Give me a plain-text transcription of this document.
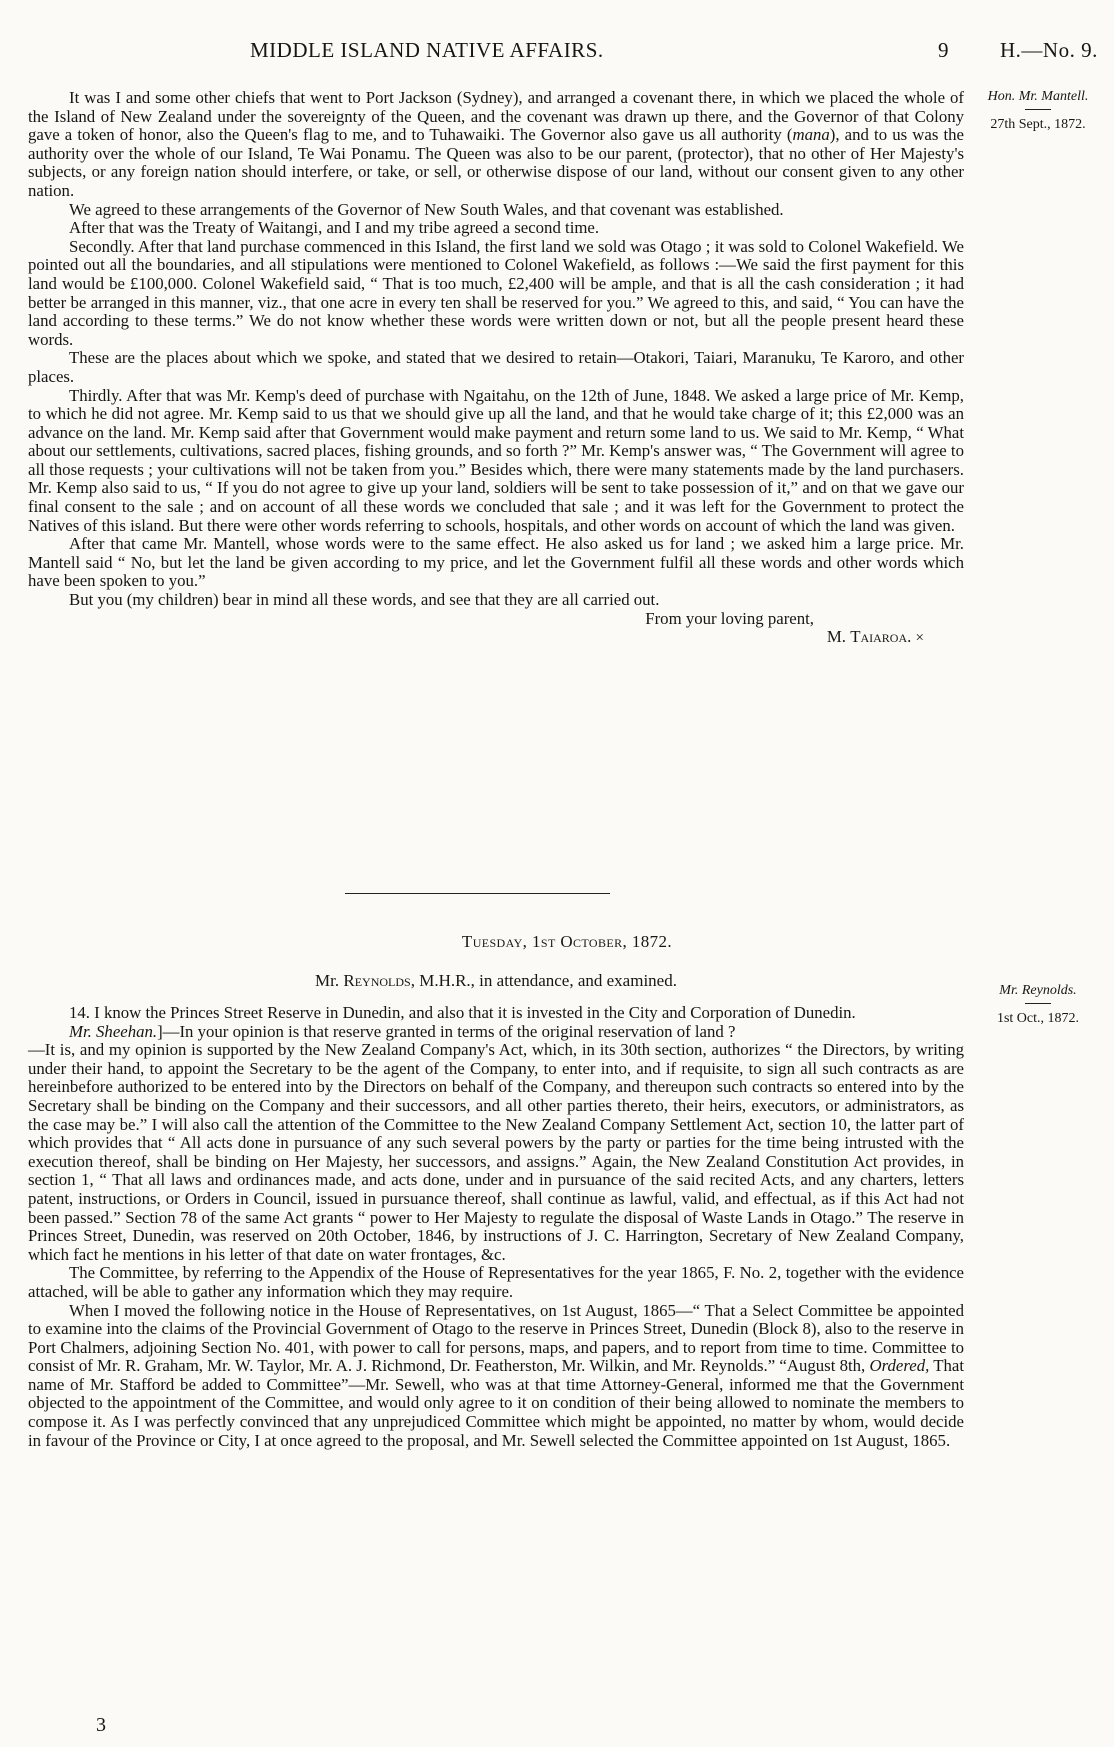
MIDDLE ISLAND NATIVE AFFAIRS.	9 H.—No. 9.
Hon. Mr. Mantell.
27th Sept., 1872.

It was I and some other chiefs that went to Port Jackson (Sydney), and arranged a covenant there, in which we placed the whole of the Island of New Zealand under the sovereignty of the Queen, and the covenant was drawn up there, and the Governor of that Colony gave a token of honor, also the Queen's flag to me, and to Tuhawaiki. The Governor also gave us all authority (mana), and to us was the authority over the whole of our Island, Te Wai Ponamu. The Queen was also to be our parent, (protector), that no other of Her Majesty's subjects, or any foreign nation should interfere, or take, or sell, or otherwise dispose of our land, without our consent given to any other nation.

We agreed to these arrangements of the Governor of New South Wales, and that covenant was established.

After that was the Treaty of Waitangi, and I and my tribe agreed a second time.

Secondly. After that land purchase commenced in this Island, the first land we sold was Otago ; it was sold to Colonel Wakefield. We pointed out all the boundaries, and all stipulations were mentioned to Colonel Wakefield, as follows :—We said the first payment for this land would be £100,000. Colonel Wakefield said, “ That is too much, £2,400 will be ample, and that is all the cash consideration ; it had better be arranged in this manner, viz., that one acre in every ten shall be reserved for you.” We agreed to this, and said, “ You can have the land according to these terms.” We do not know whether these words were written down or not, but all the people present heard these words.

These are the places about which we spoke, and stated that we desired to retain—Otakori, Taiari, Maranuku, Te Karoro, and other places.

Thirdly. After that was Mr. Kemp's deed of purchase with Ngaitahu, on the 12th of June, 1848. We asked a large price of Mr. Kemp, to which he did not agree. Mr. Kemp said to us that we should give up all the land, and that he would take charge of it; this £2,000 was an advance on the land. Mr. Kemp said after that Government would make payment and return some land to us. We said to Mr. Kemp, “ What about our settlements, cultivations, sacred places, fishing grounds, and so forth ?” Mr. Kemp's answer was, “ The Government will agree to all those requests ; your cultivations will not be taken from you.” Besides which, there were many statements made by the land purchasers. Mr. Kemp also said to us, “ If you do not agree to give up your land, soldiers will be sent to take possession of it,” and on that we gave our final consent to the sale ; and on account of all these words we concluded that sale ; and it was left for the Government to protect the Natives of this island. But there were other words referring to schools, hospitals, and other words on account of which the land was given.

After that came Mr. Mantell, whose words were to the same effect. He also asked us for land ; we asked him a large price. Mr. Mantell said “ No, but let the land be given according to my price, and let the Government fulfil all these words and other words which have been spoken to you.”

But you (my children) bear in mind all these words, and see that they are all carried out.

From your loving parent,
M. Taiaroa. ×
Tuesday, 1st October, 1872.
Mr. Reynolds, M.H.R., in attendance, and examined.
Mr. Reynolds.
1st Oct., 1872.

14. I know the Princes Street Reserve in Dunedin, and also that it is invested in the City and Corporation of Dunedin.

Mr. Sheehan.]—In your opinion is that reserve granted in terms of the original reservation of land ?

—It is, and my opinion is supported by the New Zealand Company's Act, which, in its 30th section, authorizes “ the Directors, by writing under their hand, to appoint the Secretary to be the agent of the Company, to enter into, and if requisite, to sign all such contracts as are hereinbefore authorized to be entered into by the Directors on behalf of the Company, and thereupon such contracts so entered into by the Secretary shall be binding on the Company and their successors, and all other parties thereto, their heirs, executors, or administrators, as the case may be.” I will also call the attention of the Committee to the New Zealand Company Settlement Act, section 10, the latter part of which provides that “ All acts done in pursuance of any such several powers by the party or parties for the time being intrusted with the execution thereof, shall be binding on Her Majesty, her successors, and assigns.” Again, the New Zealand Constitution Act provides, in section 1, “ That all laws and ordinances made, and acts done, under and in pursuance of the said recited Acts, and any charters, letters patent, instructions, or Orders in Council, issued in pursuance thereof, shall continue as lawful, valid, and effectual, as if this Act had not been passed.” Section 78 of the same Act grants “ power to Her Majesty to regulate the disposal of Waste Lands in Otago.” The reserve in Princes Street, Dunedin, was reserved on 20th October, 1846, by instructions of J. C. Harrington, Secretary of New Zealand Company, which fact he mentions in his letter of that date on water frontages, &c.

The Committee, by referring to the Appendix of the House of Representatives for the year 1865, F. No. 2, together with the evidence attached, will be able to gather any information which they may require.

When I moved the following notice in the House of Representatives, on 1st August, 1865—“ That a Select Committee be appointed to examine into the claims of the Provincial Government of Otago to the reserve in Princes Street, Dunedin (Block 8), also to the reserve in Port Chalmers, adjoining Section No. 401, with power to call for persons, maps, and papers, and to report from time to time. Committee to consist of Mr. R. Graham, Mr. W. Taylor, Mr. A. J. Richmond, Dr. Featherston, Mr. Wilkin, and Mr. Reynolds.” “August 8th, Ordered, That name of Mr. Stafford be added to Committee”—Mr. Sewell, who was at that time Attorney-General, informed me that the Government objected to the appointment of the Committee, and would only agree to it on condition of their being allowed to nominate the members to compose it. As I was perfectly convinced that any unprejudiced Committee which might be appointed, no matter by whom, would decide in favour of the Province or City, I at once agreed to the proposal, and Mr. Sewell selected the Committee appointed on 1st August, 1865.

3
